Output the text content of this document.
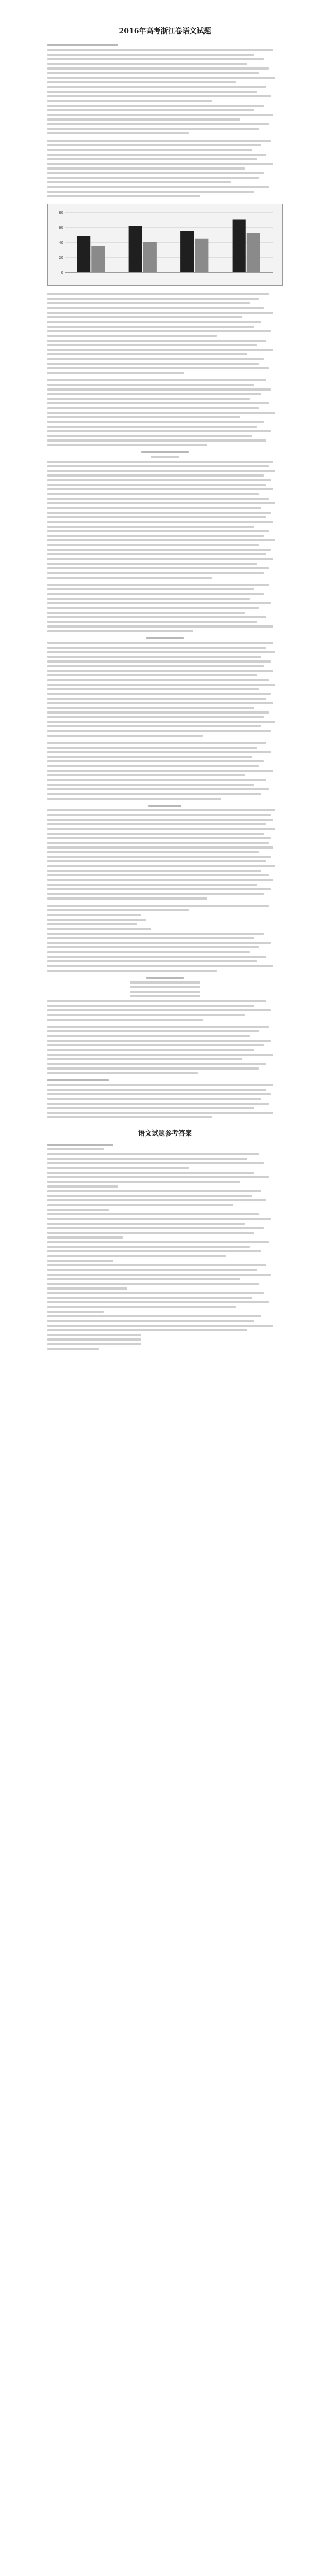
2016年高考浙江卷语文试题
0
20
40
60
80
语文试题参考答案
